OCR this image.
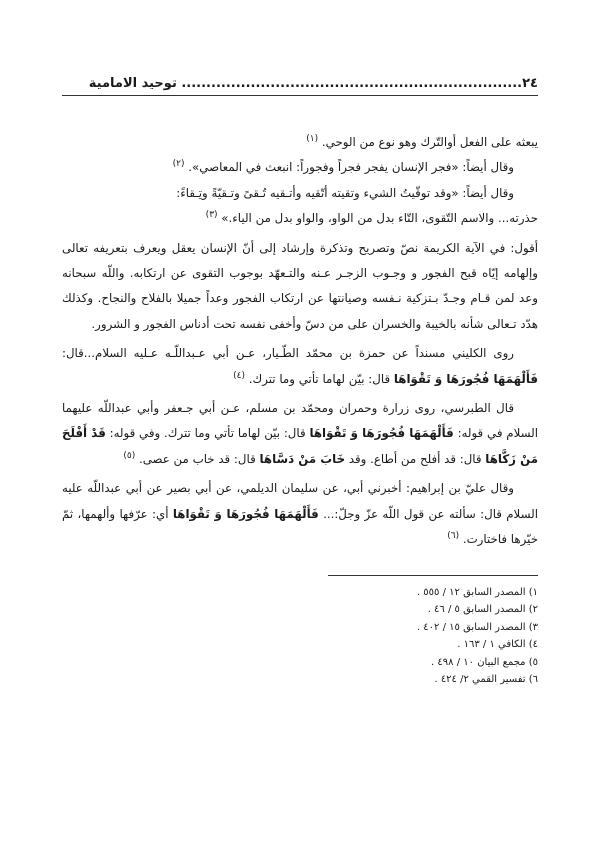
٢٤..................................................................... توحيد الامامية

يبعثه على الفعل أوالتّرك وهو نوع من الوحي. $^{(١)}$

وقال أيضاً: «فجر الإنسان يفجر فجراً وفجوراً: انبعث في المعاصي». $^{(٢)}$

وقال أيضاً: «وقد توقّيتُ الشيء وتقيته أتّقيه وأتـقيه تُـقىً وتـقيّةً وتِـقاءً:

حذرته... والاسم التّقوى، التّاء بدل من الواو، والواو بدل من الياء.» $^{(٣)}$

أقول: في الآية الكريمة نصّ وتصريح وتذكرة وإرشاد إلى أنّ الإنسان يعقل ويعرف بتعريفه تعالى وإلهامه إيّاه قبح الفجور و وجـوب الزجـر عـنه والتـعهّد بوجوب التقوى عن ارتكابه. واللّه سبحانه وعد لمن قـام وجـدّ بـتزكية نـفسه وصيانتها عن ارتكاب الفجور وعداً جميلا بالفلاح والنجاح. وكذلك هدّد تـعالى شأنه بالخيبة والخسران على من دسّ وأخفى نفسه تحت أدناس الفجور و الشرور.

روى الكليني مسنداً عن حمزة بن محمّد الطّـيار، عـن أبي عـبداللّـه عـليه السلام...قال: فَأَلْهَمَهَا فُجُورَهَا وَ تَقْوَاهَا قال: بيّن لهاما تأتي وما تترك. $^{(٤)}$

قال الطبرسي، روى زرارة وحمران ومحمّد بن مسلم، عـن أبي جـعفر وأبي عبداللّه عليهما السلام في قوله: فَأَلْهَمَهَا فُجُورَهَا وَ تَقْوَاهَا قال: بيّن لهاما تأتي وما تترك. وفي قوله: قَدْ أَفْلَحَ مَنْ زَكَّاهَا قال: قد أفلح من أطاع. وقد خَابَ مَنْ دَسَّاهَا قال: قد خاب من عصى. $^{(٥)}$

وقال عليّ بن إبراهيم: أخبرني أبي، عن سليمان الديلمي، عن أبي بصير عن أبي عبداللّه عليه السلام قال: سألته عن قول اللّه عزّ وجلّ:... فَأَلْهَمَهَا فُجُورَهَا وَ تَقْوَاهَا أي: عرّفها وألهمها، ثمّ خيّرها فاختارت. $^{(٦)}$

١) المصدر السابق ١٢ / ٥٥٥ .
٢) المصدر السابق ٥ / ٤٦ .
٣) المصدر السابق ١٥ / ٤٠٢ .
٤) الكافي ١ / ١٦٣ .
٥) مجمع البيان ١٠ / ٤٩٨ .
٦) تفسير القمي ٢/ ٤٢٤ .
